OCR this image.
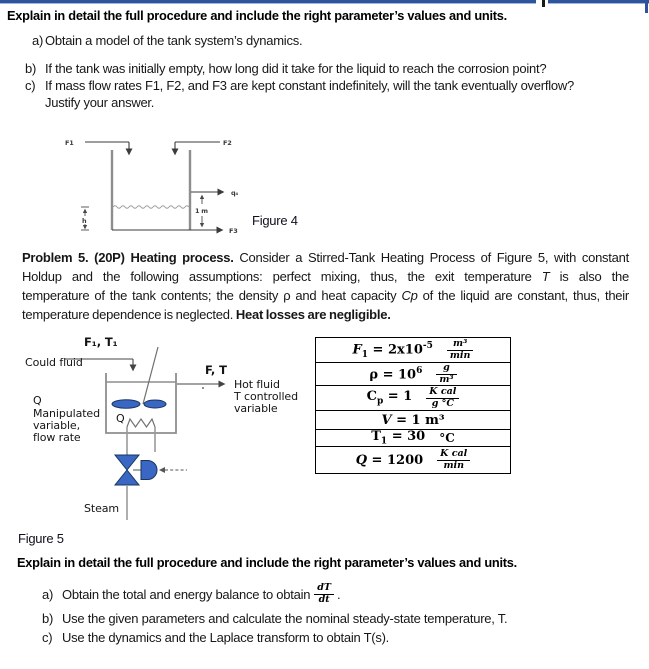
Explain in detail the full procedure and include the right parameter’s values and units.
a) Obtain a model of the tank system’s dynamics.
b) If the tank was initially empty, how long did it take for the liquid to reach the corrosion point?
c) If mass flow rates F1, F2, and F3 are kept constant indefinitely, will the tank eventually overflow?
Justify your answer.
F1	F2
q₄
1 m
h
F3
Figure 4
Problem 5. (20P) Heating process. Consider a Stirred-Tank Heating Process of Figure 5, with constant
Holdup and the following assumptions: perfect mixing, thus, the exit temperature T is also the
temperature of the tank contents; the density ρ and heat capacity Cp of the liquid are constant, thus, their
temperature dependence is neglected. Heat losses are negligible.
F₁, T₁
Could fluid
F, T
Hot fluid
T controlled
variable
Q
Manipulated
variable,
flow rate
Q
Steam
$F_1 = 2x10^{-5} \frac{\text{m³}}{\min}$
$\rho = 10^6 \frac{g}{\text{m³}}$
$C_p = 1 \frac{\text{K cal}}{g ^\circ C}$
V = 1 m³
$T_1 = 30$ °C
$Q = 1200 \frac{\text{K cal}}{\min}$
Figure 5
Explain in detail the full procedure and include the right parameter’s values and units.
a) Obtain the total and energy balance to obtain $\frac{dT}{dt}$ .
b) Use the given parameters and calculate the nominal steady-state temperature, T.
c) Use the dynamics and the Laplace transform to obtain T(s).
